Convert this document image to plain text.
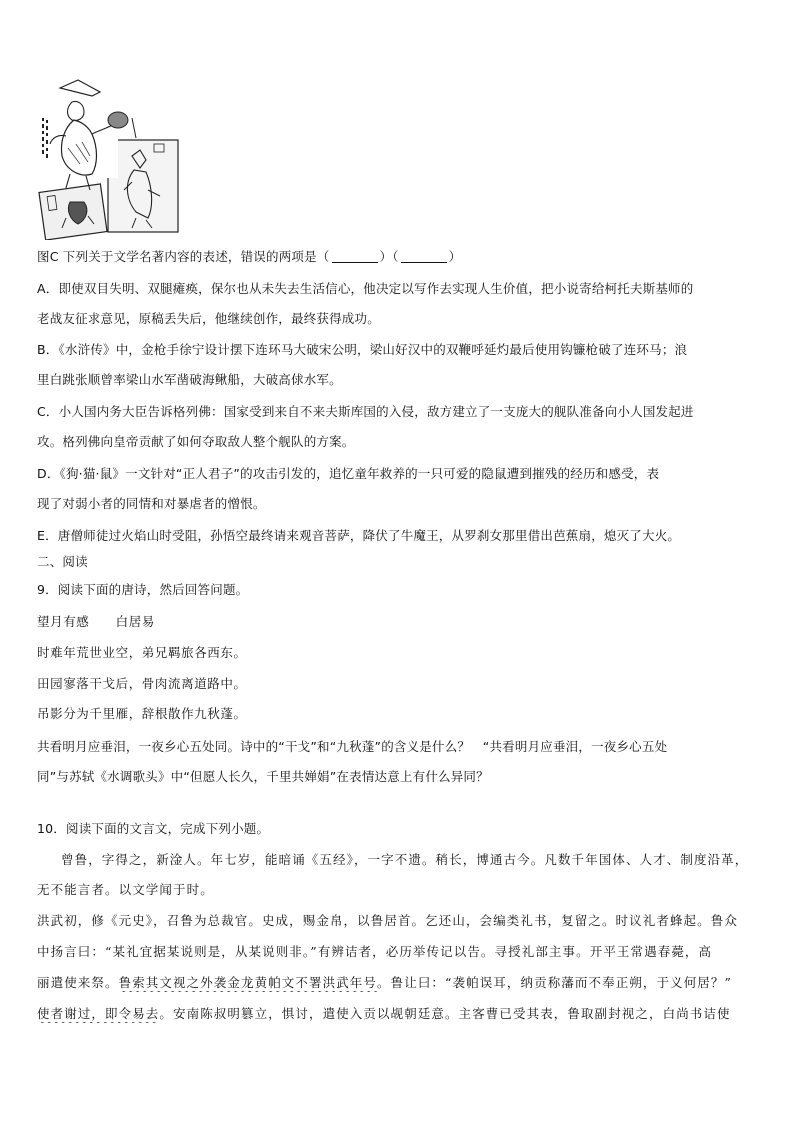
图C 下列关于文学名著内容的表述，错误的两项是（	）（	）
A．即使双目失明、双腿瘫痪，保尔也从未失去生活信心，他决定以写作去实现人生价值，把小说寄给柯托夫斯基师的
老战友征求意见，原稿丢失后，他继续创作，最终获得成功。
B．《水浒传》中，金枪手徐宁设计摆下连环马大破宋公明，梁山好汉中的双鞭呼延灼最后使用钩镰枪破了连环马；浪
里白跳张顺曾率梁山水军凿破海鳅船，大破高俅水军。
C．小人国内务大臣告诉格列佛：国家受到来自不来夫斯库国的入侵，敌方建立了一支庞大的舰队准备向小人国发起进
攻。格列佛向皇帝贡献了如何夺取敌人整个舰队的方案。
D．《狗·猫·鼠》一文针对“正人君子”的攻击引发的，追忆童年救养的一只可爱的隐鼠遭到摧残的经历和感受，表
现了对弱小者的同情和对暴虐者的憎恨。
E．唐僧师徒过火焰山时受阻，孙悟空最终请来观音菩萨，降伏了牛魔王，从罗刹女那里借出芭蕉扇，熄灭了大火。
二、阅读
9．阅读下面的唐诗，然后回答问题。
望月有感　　白居易
时难年荒世业空，弟兄羁旅各西东。
田园寥落干戈后，骨肉流离道路中。
吊影分为千里雁，辞根散作九秋蓬。
共看明月应垂泪，一夜乡心五处同。诗中的“干戈”和“九秋蓬”的含义是什么？　“共看明月应垂泪，一夜乡心五处
同”与苏轼《水调歌头》中“但愿人长久，千里共婵娟”在表情达意上有什么异同？
10．阅读下面的文言文，完成下列小题。
曾鲁，字得之，新淦人。年七岁，能暗诵《五经》，一字不遗。稍长，博通古今。凡数千年国体、人才、制度沿革，
无不能言者。以文学闻于时。
洪武初，修《元史》，召鲁为总裁官。史成，赐金帛，以鲁居首。乞还山，会编类礼书，复留之。时议礼者蜂起。鲁众
中扬言曰：“某礼宜据某说则是，从某说则非。”有辨诘者，必历举传记以告。寻授礼部主事。开平王常遇春薨，高
丽遣使来祭。鲁索其文视之外袭金龙黄帕文不署洪武年号。鲁让曰：“袭帕误耳，纳贡称藩而不奉正朔，于义何居？”
使者谢过，即令易去。安南陈叔明篡立，惧讨，遣使入贡以觇朝廷意。主客曹已受其表，鲁取副封视之，白尚书诘使
